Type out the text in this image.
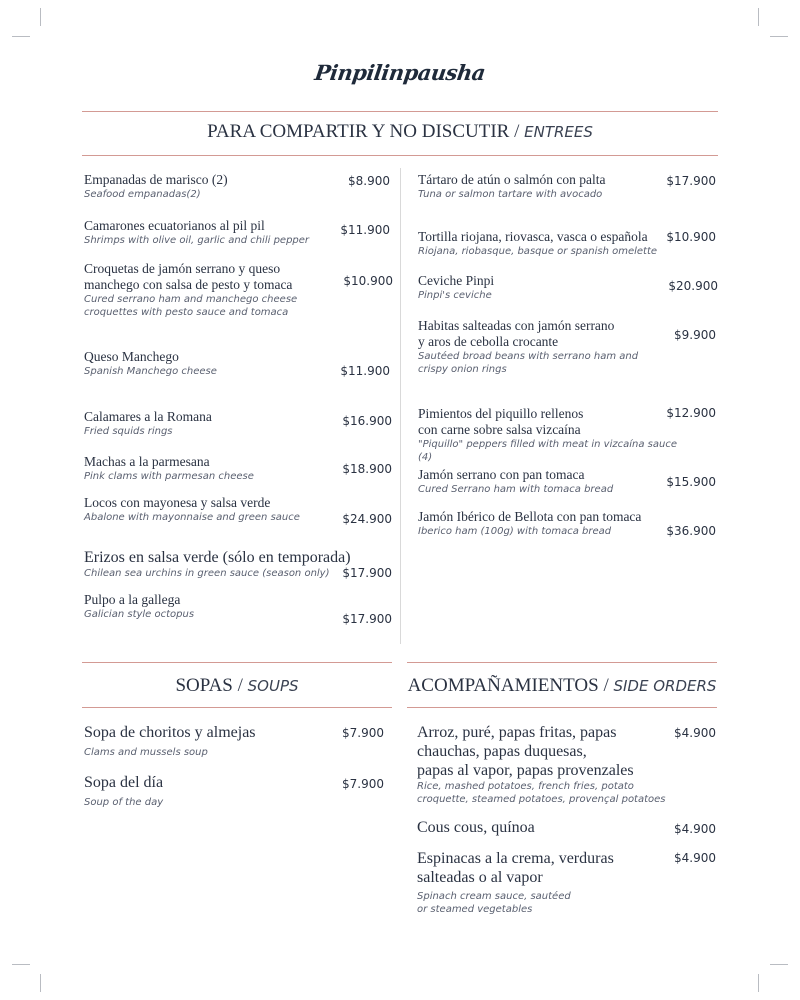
Pinpilinpausha
PARA COMPARTIR Y NO DISCUTIR / ENTREES
Empanadas de marisco (2)
Seafood empanadas(2)
$8.900
Camarones ecuatorianos al pil pil
Shrimps with olive oil, garlic and chili pepper
$11.900
Croquetas de jamón serrano y queso
manchego con salsa de pesto y tomaca
Cured serrano ham and manchego cheese
croquettes with pesto sauce and tomaca
$10.900
Queso Manchego
Spanish Manchego cheese	$11.900
Calamares a la Romana
Fried squids rings
$16.900
Machas a la parmesana
Pink clams with parmesan cheese
$18.900
Locos con mayonesa y salsa verde
Abalone with mayonnaise and green sauce	$24.900
Erizos en salsa verde (sólo en temporada)
Chilean sea urchins in green sauce (season only)	$17.900
Pulpo a la gallega
Galician style octopus	$17.900
Tártaro de atún o salmón con palta
Tuna or salmon tartare with avocado
$17.900
Tortilla riojana, riovasca, vasca o española
Riojana, riobasque, basque or spanish omelette
$10.900
Ceviche Pinpi
Pinpi's ceviche
$20.900
Habitas salteadas con jamón serrano
y aros de cebolla crocante
Sautéed broad beans with serrano ham and
crispy onion rings
$9.900
Pimientos del piquillo rellenos
con carne sobre salsa vizcaína
"Piquillo" peppers filled with meat in vizcaína sauce (4)
$12.900
Jamón serrano con pan tomaca
Cured Serrano ham with tomaca bread
$15.900
Jamón Ibérico de Bellota con pan tomaca
Iberico ham (100g) with tomaca bread	$36.900
SOPAS / SOUPS
Sopa de choritos y almejas
Clams and mussels soup
$7.900
Sopa del día
Soup of the day
$7.900
ACOMPAÑAMIENTOS / SIDE ORDERS
Arroz, puré, papas fritas, papas
chauchas, papas duquesas,
papas al vapor, papas provenzales
Rice, mashed potatoes, french fries, potato
croquette, steamed potatoes, provençal potatoes
$4.900
Cous cous, quínoa	$4.900
Espinacas a la crema, verduras
salteadas o al vapor
Spinach cream sauce, sautéed
or steamed vegetables
$4.900
